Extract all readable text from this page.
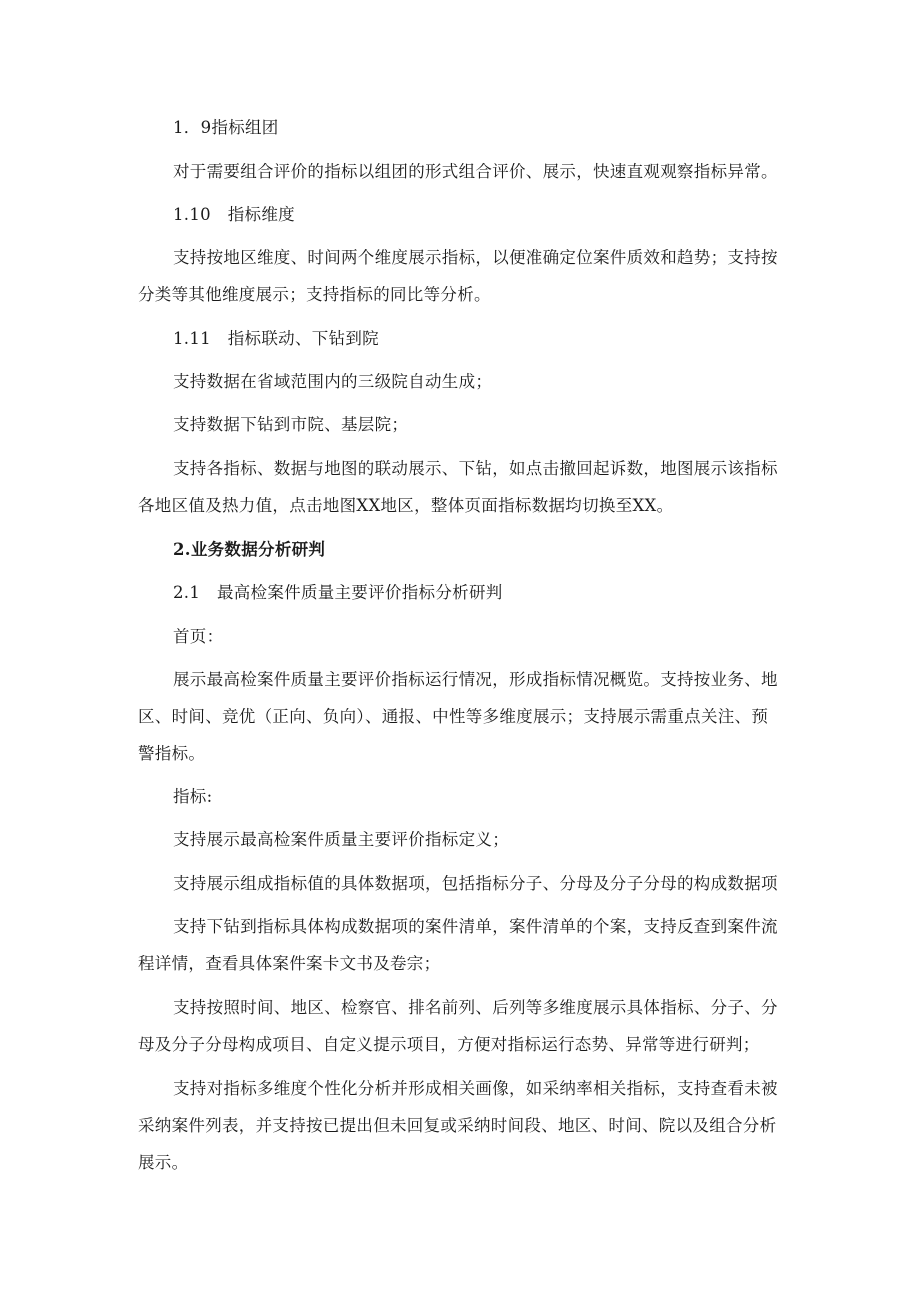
1．9指标组团
对于需要组合评价的指标以组团的形式组合评价、展示，快速直观观察指标异常。
1.10　指标维度
支持按地区维度、时间两个维度展示指标，以便准确定位案件质效和趋势；支持按
分类等其他维度展示；支持指标的同比等分析。
1.11　指标联动、下钻到院
支持数据在省域范围内的三级院自动生成；
支持数据下钻到市院、基层院；
支持各指标、数据与地图的联动展示、下钻，如点击撤回起诉数，地图展示该指标
各地区值及热力值，点击地图XX地区，整体页面指标数据均切换至XX。
2.业务数据分析研判
2.1　最高检案件质量主要评价指标分析研判
首页：
展示最高检案件质量主要评价指标运行情况，形成指标情况概览。支持按业务、地
区、时间、竞优（正向、负向）、通报、中性等多维度展示；支持展示需重点关注、预
警指标。
指标:
支持展示最高检案件质量主要评价指标定义；
支持展示组成指标值的具体数据项，包括指标分子、分母及分子分母的构成数据项
支持下钻到指标具体构成数据项的案件清单，案件清单的个案，支持反查到案件流
程详情，查看具体案件案卡文书及卷宗；
支持按照时间、地区、检察官、排名前列、后列等多维度展示具体指标、分子、分
母及分子分母构成项目、自定义提示项目，方便对指标运行态势、异常等进行研判；
支持对指标多维度个性化分析并形成相关画像，如采纳率相关指标，支持查看未被
采纳案件列表，并支持按已提出但未回复或采纳时间段、地区、时间、院以及组合分析
展示。
